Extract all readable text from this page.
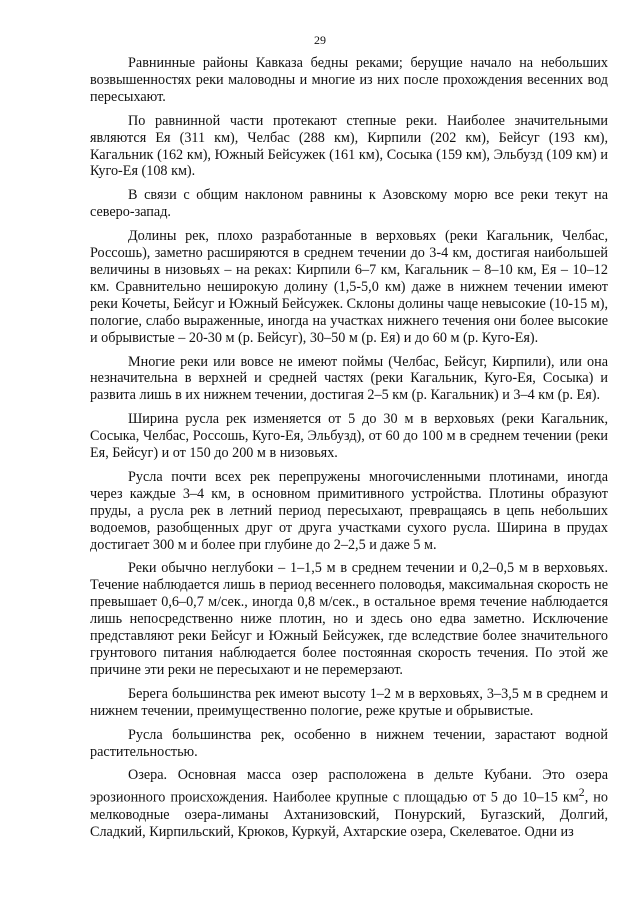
29

Равнинные районы Кавказа бедны реками; берущие начало на небольших возвышенностях реки маловодны и многие из них после прохождения весенних вод пересыхают.

По равнинной части протекают степные реки. Наиболее значительными являются Ея (311 км), Челбас (288 км), Кирпили (202 км), Бейсуг (193 км), Кагальник (162 км), Южный Бейсужек (161 км), Сосыка (159 км), Эльбузд (109 км) и Куго-Ея (108 км).

В связи с общим наклоном равнины к Азовскому морю все реки текут на северо-запад.

Долины рек, плохо разработанные в верховьях (реки Кагальник, Челбас, Россошь), заметно расширяются в среднем течении до 3-4 км, достигая наибольшей величины в низовьях – на реках: Кирпили 6–7 км, Кагальник – 8–10 км, Ея – 10–12 км. Сравнительно неширокую долину (1,5-5,0 км) даже в нижнем течении имеют реки Кочеты, Бейсуг и Южный Бейсужек. Склоны долины чаще невысокие (10-15 м), пологие, слабо выраженные, иногда на участках нижнего течения они более высокие и обрывистые – 20-30 м (р. Бейсуг), 30–50 м (р. Ея) и до 60 м (р. Куго-Ея).

Многие реки или вовсе не имеют поймы (Челбас, Бейсуг, Кирпили), или она незначительна в верхней и средней частях (реки Кагальник, Куго-Ея, Сосыка) и развита лишь в их нижнем течении, достигая 2–5 км (р. Кагальник) и 3–4 км (р. Ея).

Ширина русла рек изменяется от 5 до 30 м в верховьях (реки Кагальник, Сосыка, Челбас, Россошь, Куго-Ея, Эльбузд), от 60 до 100 м в среднем течении (реки Ея, Бейсуг) и от 150 до 200 м в низовьях.

Русла почти всех рек перепружены многочисленными плотинами, иногда через каждые 3–4 км, в основном примитивного устройства. Плотины образуют пруды, а русла рек в летний период пересыхают, превращаясь в цепь небольших водоемов, разобщенных друг от друга участками сухого русла. Ширина в прудах достигает 300 м и более при глубине до 2–2,5 и даже 5 м.

Реки обычно неглубоки – 1–1,5 м в среднем течении и 0,2–0,5 м в верховьях. Течение наблюдается лишь в период весеннего половодья, максимальная скорость не превышает 0,6–0,7 м/сек., иногда 0,8 м/сек., в остальное время течение наблюдается лишь непосредственно ниже плотин, но и здесь оно едва заметно. Исключение представляют реки Бейсуг и Южный Бейсужек, где вследствие более значительного грунтового питания наблюдается более постоянная скорость течения. По этой же причине эти реки не пересыхают и не перемерзают.

Берега большинства рек имеют высоту 1–2 м в верховьях, 3–3,5 м в среднем и нижнем течении, преимущественно пологие, реже крутые и обрывистые.

Русла большинства рек, особенно в нижнем течении, зарастают водной растительностью.

Озера. Основная масса озер расположена в дельте Кубани. Это озера эрозионного происхождения. Наиболее крупные с площадью от 5 до 10–15 $км^2$, но мелководные озера-лиманы Ахтанизовский, Понурский, Бугазский, Долгий, Сладкий, Кирпильский, Крюков, Куркуй, Ахтарские озера, Скелеватое. Одни из
